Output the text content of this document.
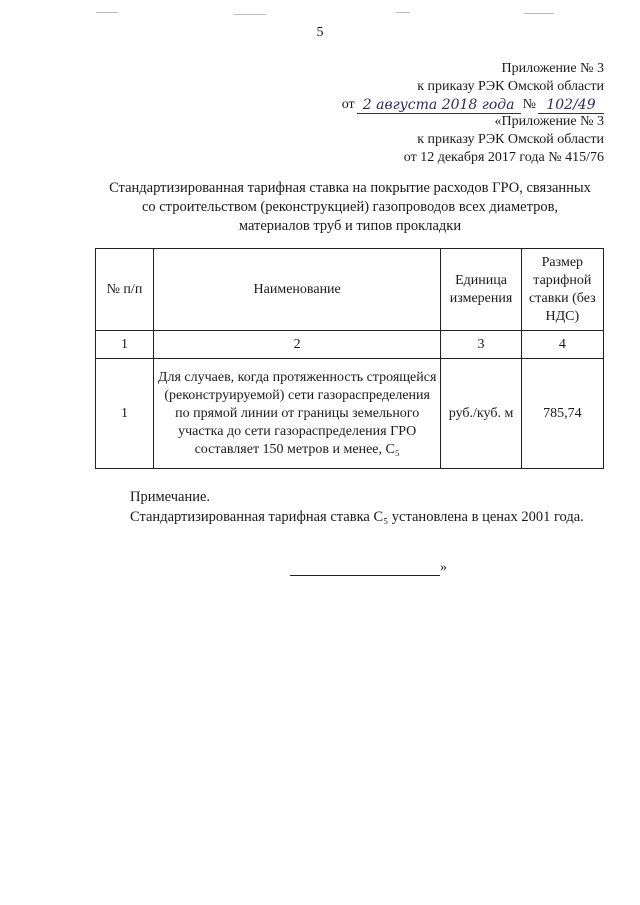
5
Приложение № 3
к приказу РЭК Омской области
от 2 августа 2018 года № 102/49
«Приложение № 3
к приказу РЭК Омской области
от 12 декабря 2017 года № 415/76
Стандартизированная тарифная ставка на покрытие расходов ГРО, связанных
со строительством (реконструкцией) газопроводов всех диаметров,
материалов труб и типов прокладки
№ п/п	Наименование	Единица измерения	Размер тарифной ставки (без НДС)
1	2	3	4
1	Для случаев, когда протяженность строящейся (реконструируемой) сети газораспределения по прямой линии от границы земельного участка до сети газораспределения ГРО составляет 150 метров и менее, C₅	руб./куб. м	785,74
Примечание.
Стандартизированная тарифная ставка C₅ установлена в ценах 2001 года.
»
